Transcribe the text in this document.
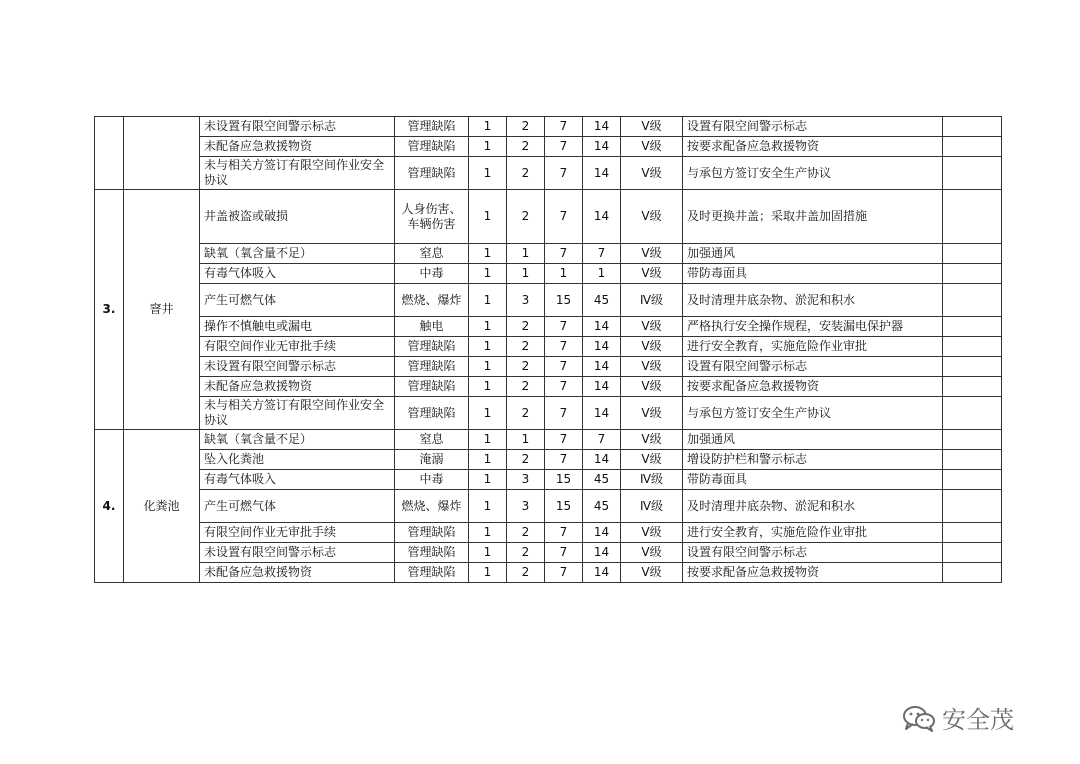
		未设置有限空间警示标志	管理缺陷	1	2	7	14	Ⅴ级	设置有限空间警示标志	
		未配备应急救援物资	管理缺陷	1	2	7	14	Ⅴ级	按要求配备应急救援物资	
		未与相关方签订有限空间作业安全协议	管理缺陷	1	2	7	14	Ⅴ级	与承包方签订安全生产协议	
3.	窨井	井盖被盗或破损	人身伤害、车辆伤害	1	2	7	14	Ⅴ级	及时更换井盖；采取井盖加固措施	
		缺氧（氧含量不足）	窒息	1	1	7	7	Ⅴ级	加强通风	
		有毒气体吸入	中毒	1	1	1	1	Ⅴ级	带防毒面具	
		产生可燃气体	燃烧、爆炸	1	3	15	45	Ⅳ级	及时清理井底杂物、淤泥和积水	
		操作不慎触电或漏电	触电	1	2	7	14	Ⅴ级	严格执行安全操作规程，安装漏电保护器	
		有限空间作业无审批手续	管理缺陷	1	2	7	14	Ⅴ级	进行安全教育，实施危险作业审批	
		未设置有限空间警示标志	管理缺陷	1	2	7	14	Ⅴ级	设置有限空间警示标志	
		未配备应急救援物资	管理缺陷	1	2	7	14	Ⅴ级	按要求配备应急救援物资	
		未与相关方签订有限空间作业安全协议	管理缺陷	1	2	7	14	Ⅴ级	与承包方签订安全生产协议	
4.	化粪池	缺氧（氧含量不足）	窒息	1	1	7	7	Ⅴ级	加强通风	
		坠入化粪池	淹溺	1	2	7	14	Ⅴ级	增设防护栏和警示标志	
		有毒气体吸入	中毒	1	3	15	45	Ⅳ级	带防毒面具	
		产生可燃气体	燃烧、爆炸	1	3	15	45	Ⅳ级	及时清理井底杂物、淤泥和积水	
		有限空间作业无审批手续	管理缺陷	1	2	7	14	Ⅴ级	进行安全教育，实施危险作业审批	
		未设置有限空间警示标志	管理缺陷	1	2	7	14	Ⅴ级	设置有限空间警示标志	
		未配备应急救援物资	管理缺陷	1	2	7	14	Ⅴ级	按要求配备应急救援物资	
安全茂
